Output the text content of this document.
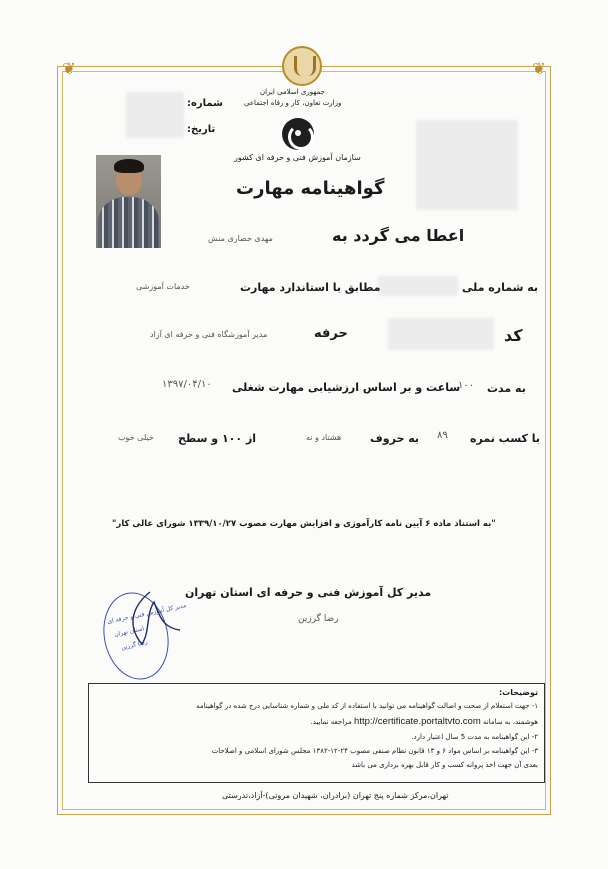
❦	❦
جمهوری اسلامی ایران
وزارت تعاون، کار و رفاه اجتماعی
سازمان آموزش فنی و حرفه ای کشور
شماره:
تاریخ:
گواهینامه مهارت
اعطا می گردد به
مهدی حصاری منش
به شماره ملی
مطابق با استاندارد مهارت
خدمات آموزشی
کد
حرفه
مدیر آموزشگاه فنی و حرفه ای آزاد
به مدت
۱۰۰
ساعت و بر اساس ارزشیابی مهارت شغلی
۱۳۹۷/۰۴/۱۰
با کسب نمره
۸۹
به حروف
هشتاد و نه
از ۱۰۰ و سطح
خیلی خوب
"به استناد ماده ۶ آیین نامه کارآموزی و افزایش مهارت مصوب ۱۳۳۹/۱۰/۲۷ شورای عالی کار"
مدیر کل آموزش فنی و حرفه ای استان تهران
رضا گرزین
مدیر کل آموزش فنی و حرفه ای
استان تهران
رضا گرزین
توضیحات:
۱- جهت استعلام از صحت و اصالت گواهینامه می توانید با استفاده از کد ملی و شماره شناسایی درج شده در گواهینامه
هوشمند، به سامانه http://certificate.portaltvto.com مراجعه نمایید.
۲- این گواهینامه به مدت 5 سال اعتبار دارد.
۳- این گواهینامه بر اساس مواد ۶ و ۱۳ قانون نظام صنفی مصوب ۲۴-۱۲-۱۳۸۲ مجلس شورای اسلامی و اصلاحات
بعدی آن جهت اخذ پروانه کسب و کار قابل بهره برداری می باشد
تهران،مرکز شماره پنج تهران (برادران، شهیدان مروتی)-آزاد،تدرستی
